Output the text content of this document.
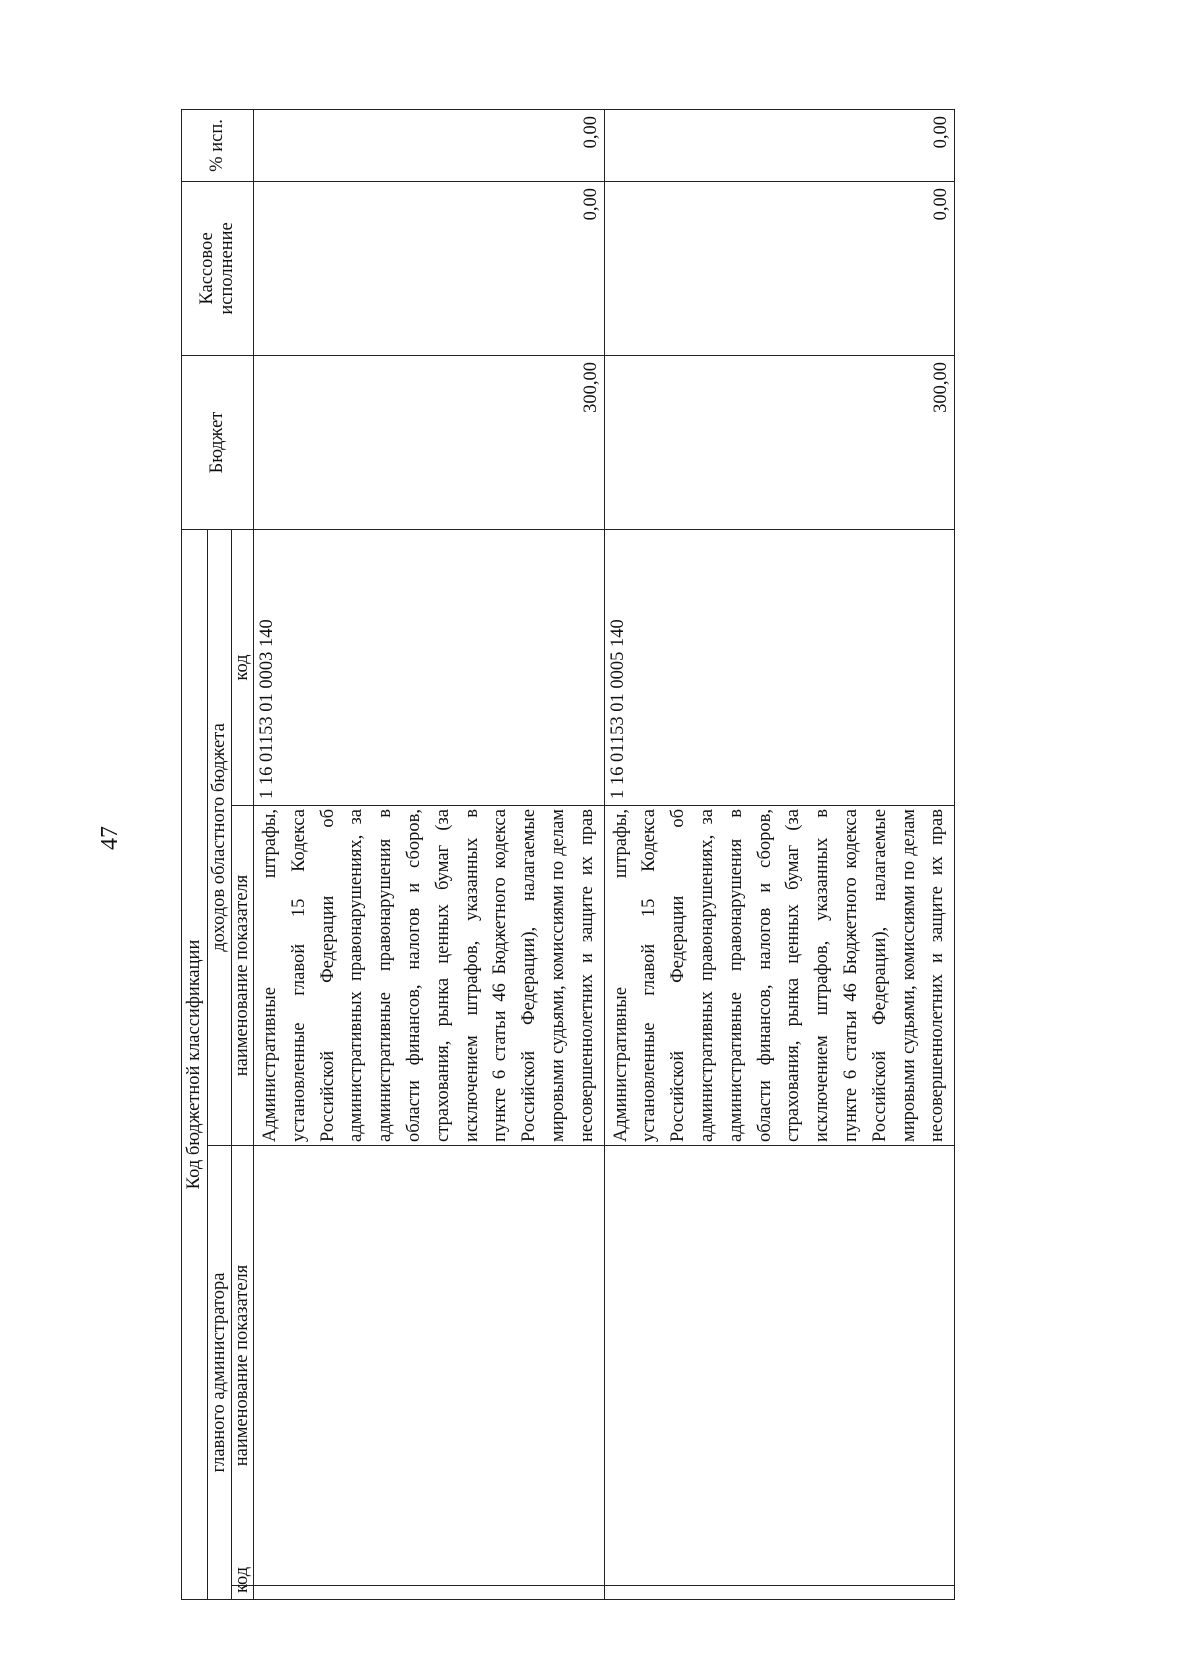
47
Код бюджетной классификации				Бюджет	Кассовое
исполнение	% исп.
главного администратора		доходов областного бюджета				
код	наименование показателя	наименование показателя	код			
		Административные штрафы, установленные главой 15 Кодекса Российской Федерации об административных правонарушениях, за административные правонарушения в области финансов, налогов и сборов, страхования, рынка ценных бумаг (за исключением штрафов, указанных в пункте 6 статьи 46 Бюджетного кодекса Российской Федерации), налагаемые мировыми судьями, комиссиями по делам несовершеннолетних и защите их прав	1 16 01153 01 0003 140	300,00	0,00	0,00
		Административные штрафы, установленные главой 15 Кодекса Российской Федерации об административных правонарушениях, за административные правонарушения в области финансов, налогов и сборов, страхования, рынка ценных бумаг (за исключением штрафов, указанных в пункте 6 статьи 46 Бюджетного кодекса Российской Федерации), налагаемые мировыми судьями, комиссиями по делам несовершеннолетних и защите их прав	1 16 01153 01 0005 140	300,00	0,00	0,00
